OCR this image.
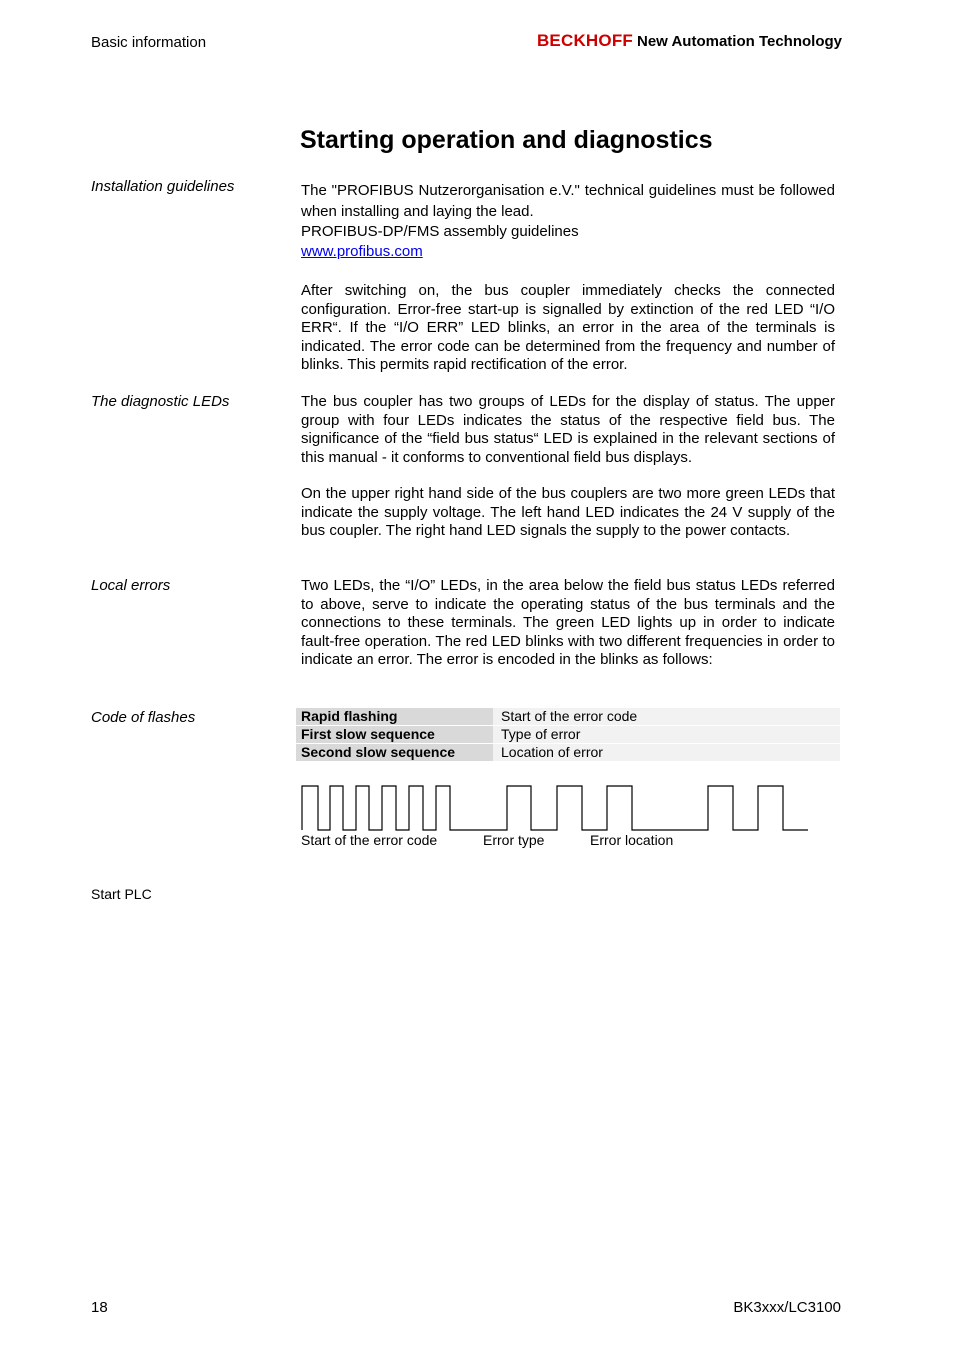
Basic information	BECKHOFF New Automation Technology
Starting operation and diagnostics
Installation guidelines	The "PROFIBUS Nutzerorganisation e.V." technical guidelines must be followed when installing and laying the lead.
PROFIBUS-DP/FMS assembly guidelines
www.profibus.com

After switching on, the bus coupler immediately checks the connected configuration. Error-free start-up is signalled by extinction of the red LED “I/O ERR“. If the “I/O ERR” LED blinks, an error in the area of the terminals is indicated. The error code can be determined from the frequency and number of blinks. This permits rapid rectification of the error.

The diagnostic LEDs	The bus coupler has two groups of LEDs for the display of status. The upper group with four LEDs indicates the status of the respective field bus. The significance of the “field bus status“ LED is explained in the relevant sections of this manual - it conforms to conventional field bus displays.

On the upper right hand side of the bus couplers are two more green LEDs that indicate the supply voltage. The left hand LED indicates the 24 V supply of the bus coupler. The right hand LED signals the supply to the power contacts.

Local errors	Two LEDs, the “I/O” LEDs, in the area below the field bus status LEDs referred to above, serve to indicate the operating status of the bus terminals and the connections to these terminals. The green LED lights up in order to indicate fault-free operation. The red LED blinks with two different frequencies in order to indicate an error. The error is encoded in the blinks as follows:

Code of flashes	Rapid flashing	Start of the error code
First slow sequence	Type of error
Second slow sequence	Location of error
Start of the error code	Error type	Error location
Start PLC
18	BK3xxx/LC3100
